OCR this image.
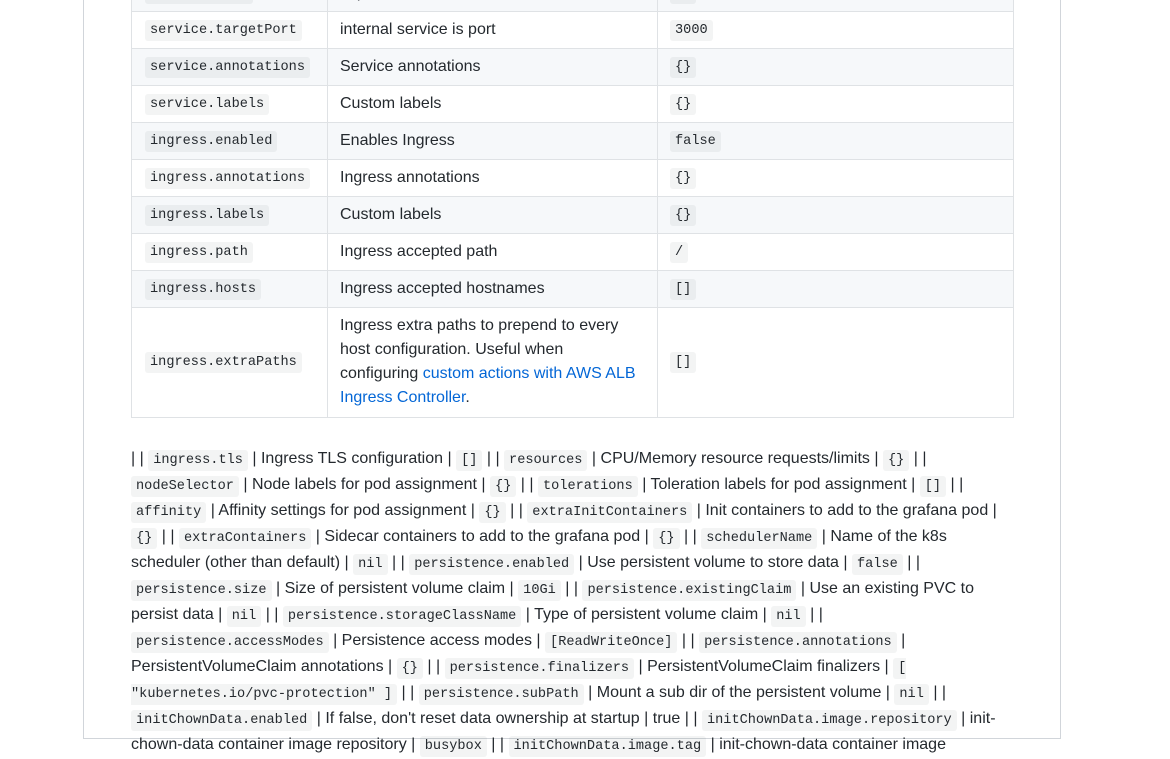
service.targetPort	internal service is port	3000
service.annotations	Service annotations	{}
service.labels	Custom labels	{}
ingress.enabled	Enables Ingress	false
ingress.annotations	Ingress annotations	{}
ingress.labels	Custom labels	{}
ingress.path	Ingress accepted path	/
ingress.hosts	Ingress accepted hostnames	[]
ingress.extraPaths	Ingress extra paths to prepend to every host configuration. Useful when configuring custom actions with AWS ALB Ingress Controller.	[]
| | ingress.tls | Ingress TLS configuration | [] | | resources | CPU/Memory resource requests/limits | {} | | nodeSelector | Node labels for pod assignment | {} | | tolerations | Toleration labels for pod assignment | [] | | affinity | Affinity settings for pod assignment | {} | | extraInitContainers | Init containers to add to the grafana pod | {} | | extraContainers | Sidecar containers to add to the grafana pod | {} | | schedulerName | Name of the k8s scheduler (other than default) | nil | | persistence.enabled | Use persistent volume to store data | false | | persistence.size | Size of persistent volume claim | 10Gi | | persistence.existingClaim | Use an existing PVC to persist data | nil | | persistence.storageClassName | Type of persistent volume claim | nil | | persistence.accessModes | Persistence access modes | [ReadWriteOnce] | | persistence.annotations | PersistentVolumeClaim annotations | {} | | persistence.finalizers | PersistentVolumeClaim finalizers | [ "kubernetes.io/pvc-protection" ] | | persistence.subPath | Mount a sub dir of the persistent volume | nil | | initChownData.enabled | If false, don't reset data ownership at startup | true | | initChownData.image.repository | init-chown-data container image repository | busybox | | initChownData.image.tag | init-chown-data container image
